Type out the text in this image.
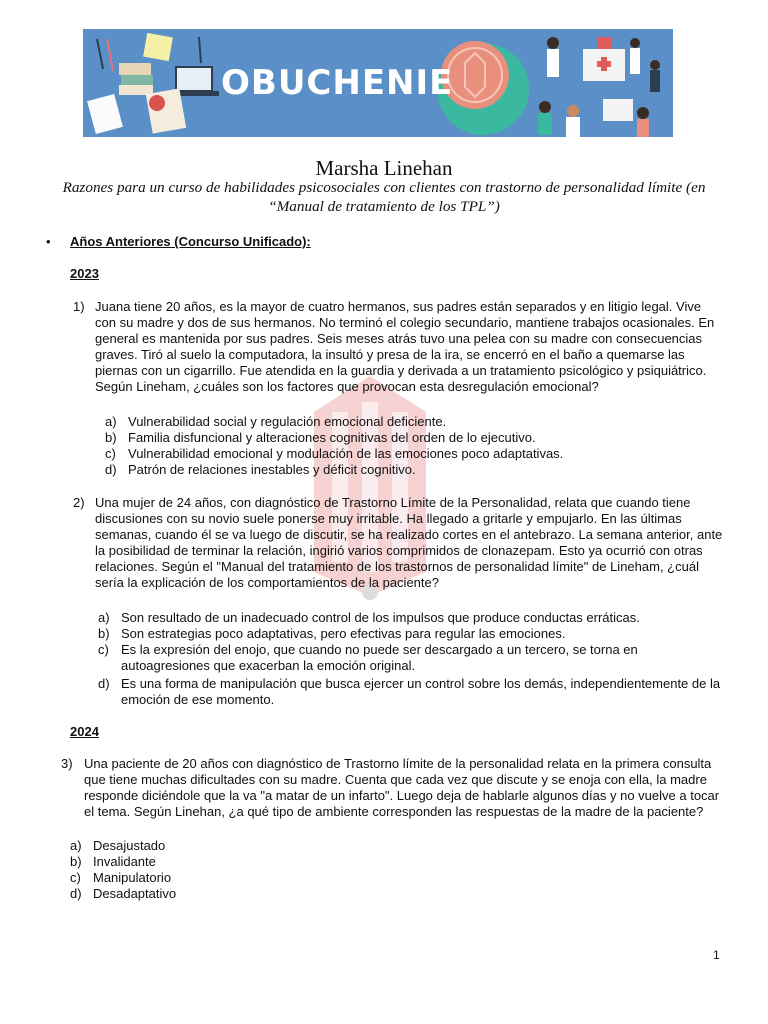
OBUCHENIE
Marsha Linehan
Razones para un curso de habilidades psicosociales con clientes con trastorno de personalidad límite (en “Manual de tratamiento de los TPL”)
• Años Anteriores (Concurso Unificado):
2023
1) Juana tiene 20 años, es la mayor de cuatro hermanos, sus padres están separados y en litigio legal. Vive con su madre y dos de sus hermanos. No terminó el colegio secundario, mantiene trabajos ocasionales. En general es mantenida por sus padres. Seis meses atrás tuvo una pelea con su madre con consecuencias graves. Tiró al suelo la computadora, la insultó y presa de la ira, se encerró en el baño a quemarse las piernas con un cigarrillo. Fue atendida en la guardia y derivada a un tratamiento psicológico y psiquiátrico. Según Lineham, ¿cuáles son los factores que provocan esta desregulación emocional?
a) Vulnerabilidad social y regulación emocional deficiente.
b) Familia disfuncional y alteraciones cognitivas del orden de lo ejecutivo.
c) Vulnerabilidad emocional y modulación de las emociones poco adaptativas.
d) Patrón de relaciones inestables y déficit cognitivo.
2) Una mujer de 24 años, con diagnóstico de Trastorno Límite de la Personalidad, relata que cuando tiene discusiones con su novio suele ponerse muy irritable. Ha llegado a gritarle y empujarlo. En las últimas semanas, cuando él se va luego de discutir, se ha realizado cortes en el antebrazo. La semana anterior, ante la posibilidad de terminar la relación, ingirió varios comprimidos de clonazepam. Esto ya ocurrió con otras relaciones. Según el "Manual del tratamiento de los trastornos de personalidad límite" de Lineham, ¿cuál sería la explicación de los comportamientos de la paciente?
a) Son resultado de un inadecuado control de los impulsos que produce conductas erráticas.
b) Son estrategias poco adaptativas, pero efectivas para regular las emociones.
c) Es la expresión del enojo, que cuando no puede ser descargado a un tercero, se torna en autoagresiones que exacerban la emoción original.
d) Es una forma de manipulación que busca ejercer un control sobre los demás, independientemente de la emoción de ese momento.
2024
3) Una paciente de 20 años con diagnóstico de Trastorno límite de la personalidad relata en la primera consulta que tiene muchas dificultades con su madre. Cuenta que cada vez que discute y se enoja con ella, la madre responde diciéndole que la va "a matar de un infarto". Luego deja de hablarle algunos días y no vuelve a tocar el tema. Según Linehan, ¿a qué tipo de ambiente corresponden las respuestas de la madre de la paciente?
a) Desajustado
b) Invalidante
c) Manipulatorio
d) Desadaptativo
1
